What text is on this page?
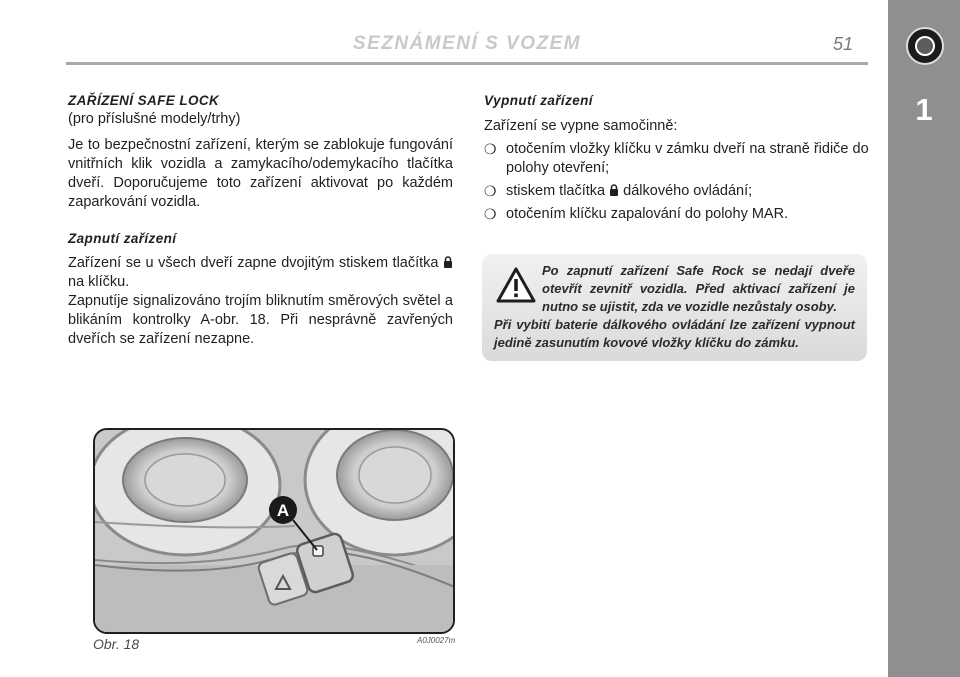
SEZNÁMENÍ S VOZEM	51
1
ZAŘÍZENÍ SAFE LOCK
(pro příslušné modely/trhy)
Je to bezpečnostní zařízení, kterým se zablokuje fungování vnitřních klik vozidla a zamykacího/odemykacího tlačítka dveří. Doporučujeme toto zařízení aktivovat po každém zaparkování vozidla.
Zapnutí zařízení
Zařízení se u všech dveří zapne dvojitým stiskem tlačítka  na klíčku.
Zapnutíje signalizováno trojím bliknutím směrových světel a blikáním kontrolky A-obr. 18. Při nesprávně zavřených dveřích se zařízení nezapne.
Vypnutí zařízení
Zařízení se vypne samočinně:
❍ otočením vložky klíčku v zámku dveří na straně řidiče do polohy otevření;
❍ stiskem tlačítka dálkového ovládání;
❍ otočením klíčku zapalování do polohy MAR.
Po zapnutí zařízení Safe Rock se nedají dveře otevřít zevnitř vozidla. Před aktivací zařízení je nutno se ujistit, zda ve vozidle nezůstaly osoby.
Při vybití baterie dálkového ovládání lze zařízení vypnout jedině zasunutím kovové vložky klíčku do zámku.
A
Obr. 18	A0J0027m
